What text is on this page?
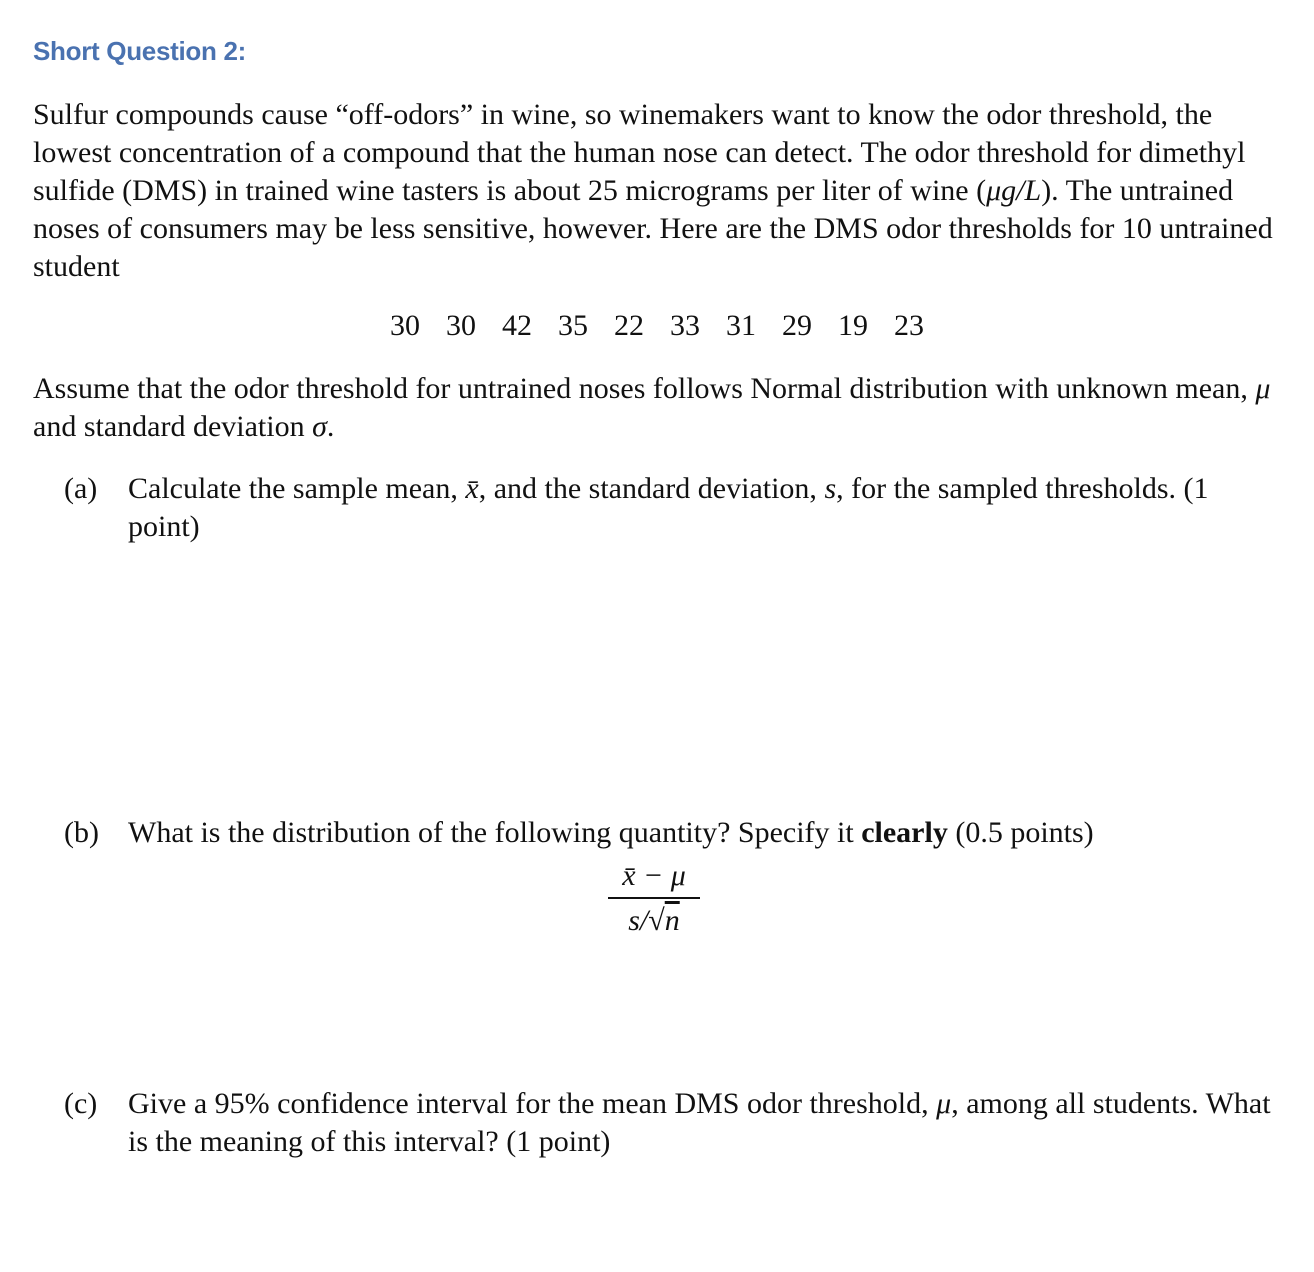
Short Question 2:
Sulfur compounds cause “off-odors” in wine, so winemakers want to know the odor threshold, the lowest concentration of a compound that the human nose can detect. The odor threshold for dimethyl sulfide (DMS) in trained wine tasters is about 25 micrograms per liter of wine (μg/L). The untrained noses of consumers may be less sensitive, however. Here are the DMS odor thresholds for 10 untrained student
30 30 42 35 22 33 31 29 19 23
Assume that the odor threshold for untrained noses follows Normal distribution with unknown mean, μ and standard deviation σ.
(a) Calculate the sample mean, x̄, and the standard deviation, s, for the sampled thresholds. (1 point)
(b) What is the distribution of the following quantity? Specify it clearly (0.5 points)
x̄ − μ
s/√n
(c) Give a 95% confidence interval for the mean DMS odor threshold, μ, among all students. What is the meaning of this interval? (1 point)
